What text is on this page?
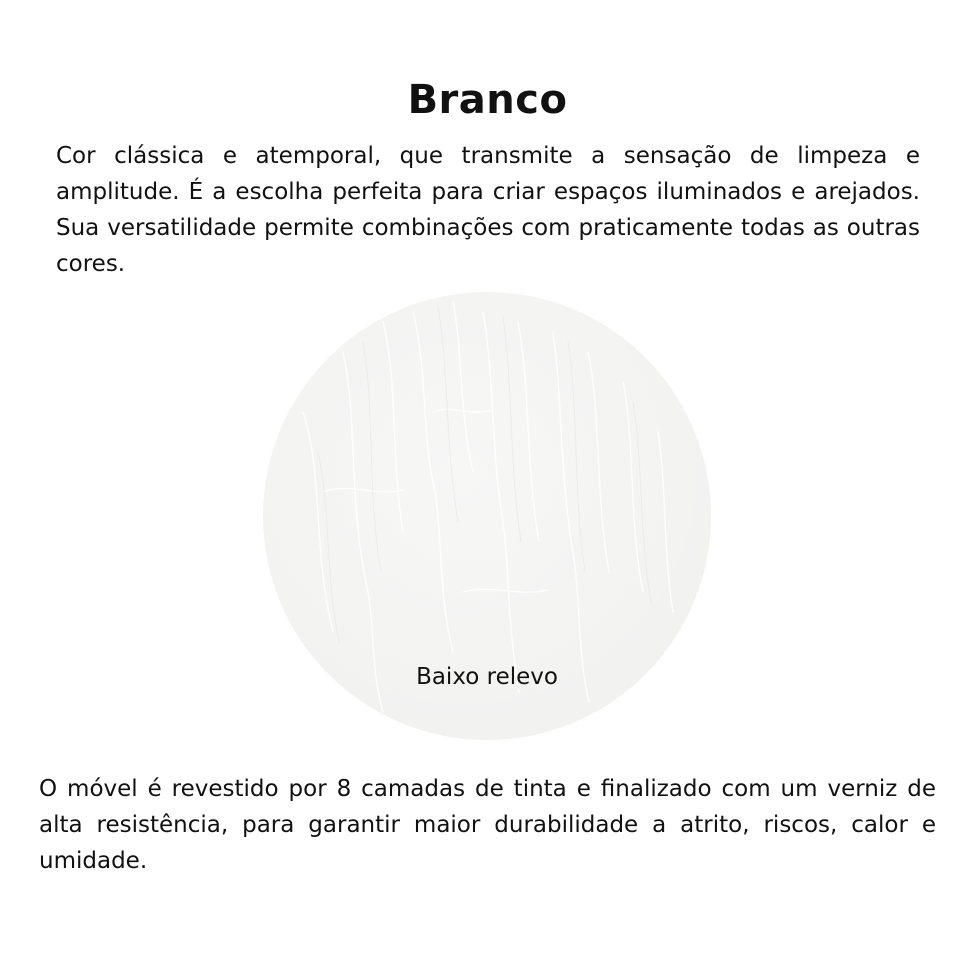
Branco

Cor clássica e atemporal, que transmite a sensação de limpeza e amplitude. É a escolha perfeita para criar espaços iluminados e arejados. Sua versatilidade permite combinações com praticamente todas as outras cores.

Baixo relevo

O móvel é revestido por 8 camadas de tinta e finalizado com um verniz de alta resistência, para garantir maior durabilidade a atrito, riscos, calor e umidade.
